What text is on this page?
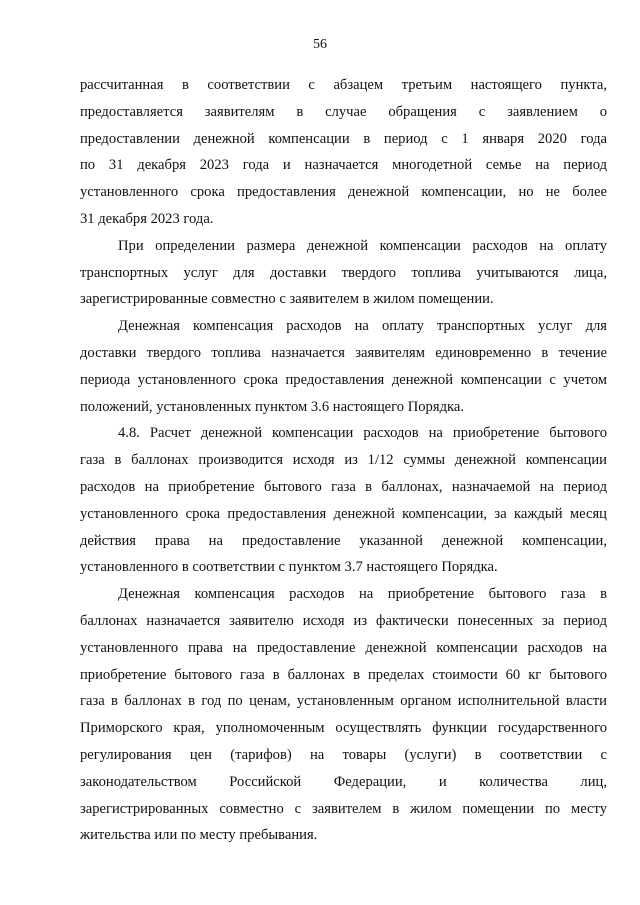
56
рассчитанная в соответствии с абзацем третьим настоящего пункта,
предоставляется заявителям в случае обращения с заявлением о
предоставлении денежной компенсации в период с 1 января 2020 года
по 31 декабря 2023 года и назначается многодетной семье на период
установленного срока предоставления денежной компенсации, но не более
31 декабря 2023 года.
При определении размера денежной компенсации расходов на оплату
транспортных услуг для доставки твердого топлива учитываются лица,
зарегистрированные совместно с заявителем в жилом помещении.
Денежная компенсация расходов на оплату транспортных услуг для
доставки твердого топлива назначается заявителям единовременно в течение
периода установленного срока предоставления денежной компенсации с учетом
положений, установленных пунктом 3.6 настоящего Порядка.
4.8. Расчет денежной компенсации расходов на приобретение бытового
газа в баллонах производится исходя из 1/12 суммы денежной компенсации
расходов на приобретение бытового газа в баллонах, назначаемой на период
установленного срока предоставления денежной компенсации, за каждый месяц
действия права на предоставление указанной денежной компенсации,
установленного в соответствии с пунктом 3.7 настоящего Порядка.
Денежная компенсация расходов на приобретение бытового газа в
баллонах назначается заявителю исходя из фактически понесенных за период
установленного права на предоставление денежной компенсации расходов на
приобретение бытового газа в баллонах в пределах стоимости 60 кг бытового
газа в баллонах в год по ценам, установленным органом исполнительной власти
Приморского края, уполномоченным осуществлять функции государственного
регулирования цен (тарифов) на товары (услуги) в соответствии с
законодательством Российской Федерации, и количества лиц,
зарегистрированных совместно с заявителем в жилом помещении по месту
жительства или по месту пребывания.
